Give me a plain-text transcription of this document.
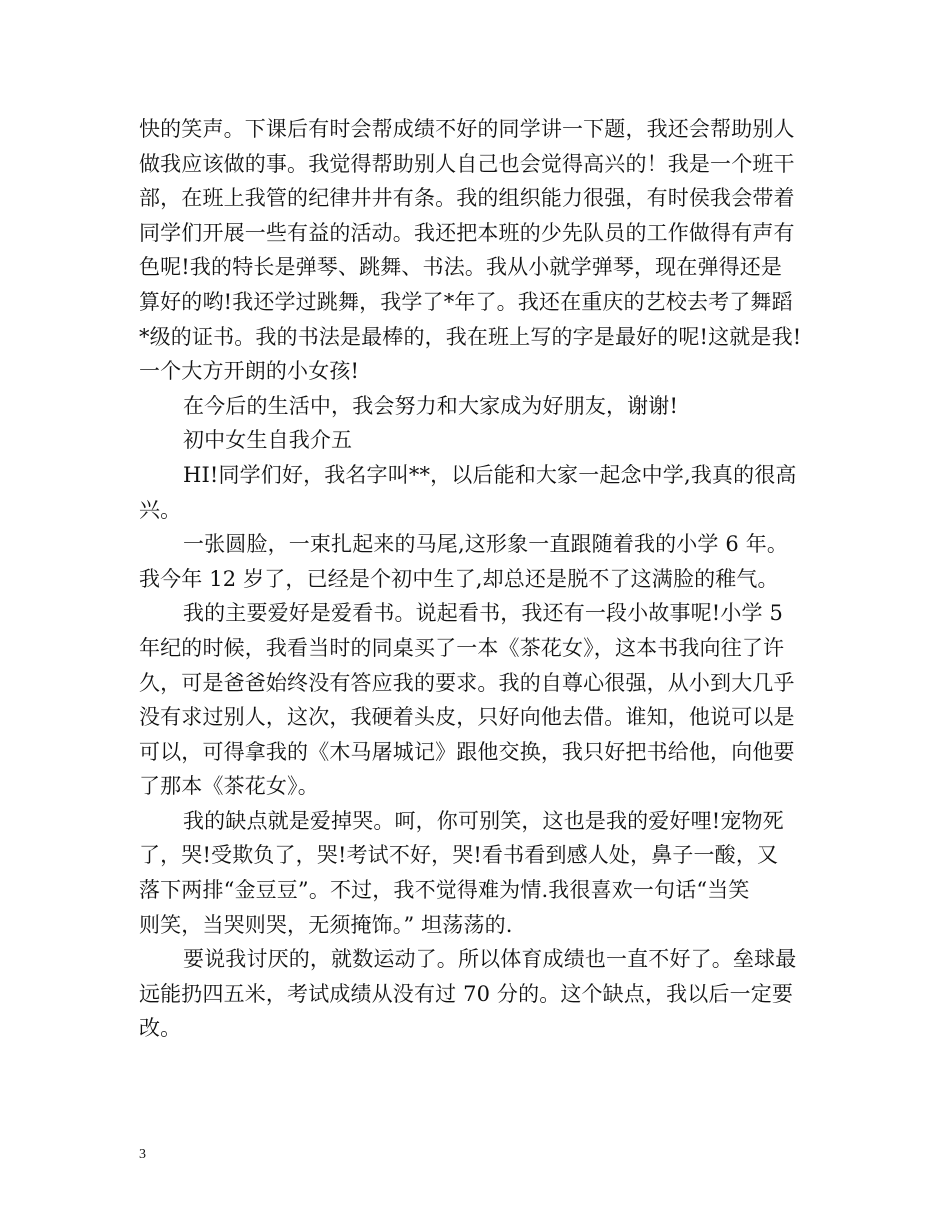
快的笑声。下课后有时会帮成绩不好的同学讲一下题，我还会帮助别人
做我应该做的事。我觉得帮助别人自己也会觉得高兴的！我是一个班干
部，在班上我管的纪律井井有条。我的组织能力很强，有时侯我会带着
同学们开展一些有益的活动。我还把本班的少先队员的工作做得有声有
色呢!我的特长是弹琴、跳舞、书法。我从小就学弹琴，现在弹得还是
算好的哟!我还学过跳舞，我学了*年了。我还在重庆的艺校去考了舞蹈
*级的证书。我的书法是最棒的，我在班上写的字是最好的呢!这就是我!
一个大方开朗的小女孩!
在今后的生活中，我会努力和大家成为好朋友，谢谢!
初中女生自我介五
HI!同学们好，我名字叫**，以后能和大家一起念中学,我真的很高
兴。
一张圆脸，一束扎起来的马尾,这形象一直跟随着我的小学 6 年。
我今年 12 岁了，已经是个初中生了,却总还是脱不了这满脸的稚气。
我的主要爱好是爱看书。说起看书，我还有一段小故事呢!小学 5
年纪的时候，我看当时的同桌买了一本《茶花女》，这本书我向往了许
久，可是爸爸始终没有答应我的要求。我的自尊心很强，从小到大几乎
没有求过别人，这次，我硬着头皮，只好向他去借。谁知，他说可以是
可以，可得拿我的《木马屠城记》跟他交换，我只好把书给他，向他要
了那本《茶花女》。
我的缺点就是爱掉哭。呵，你可别笑，这也是我的爱好哩!宠物死
了，哭!受欺负了，哭!考试不好，哭!看书看到感人处，鼻子一酸，又
落下两排“金豆豆”。不过，我不觉得难为情.我很喜欢一句话“当笑
则笑，当哭则哭，无须掩饰。” 坦荡荡的.
要说我讨厌的，就数运动了。所以体育成绩也一直不好了。垒球最
远能扔四五米，考试成绩从没有过 70 分的。这个缺点，我以后一定要
改。
3
